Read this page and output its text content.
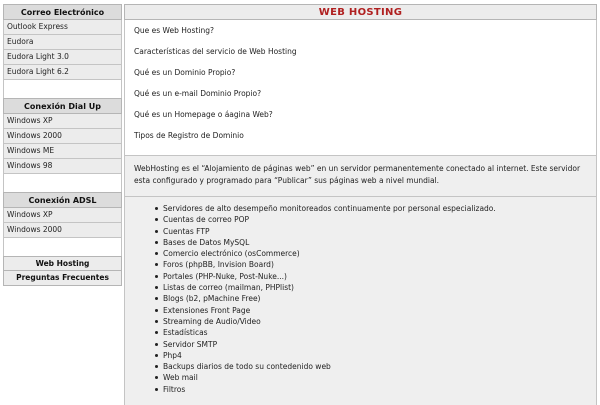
Correo Electrónico
Outlook Express
Eudora
Eudora Light 3.0
Eudora Light 6.2
Conexión Dial Up
Windows XP
Windows 2000
Windows ME
Windows 98
Conexión ADSL
Windows XP
Windows 2000
Web Hosting
Preguntas Frecuentes
WEB HOSTING
Que es Web Hosting?
Características del servicio de Web Hosting
Qué es un Dominio Propio?
Qué es un e-mail Dominio Propio?
Qué es un Homepage o áagina Web?
Tipos de Registro de Dominio
WebHosting es el “Alojamiento de páginas web” en un servidor permanentemente conectado al internet. Este servidor esta configurado y programado para “Publicar” sus páginas web a nivel mundial.
Servidores de alto desempeño monitoreados continuamente por personal especializado.
Cuentas de correo POP
Cuentas FTP
Bases de Datos MySQL
Comercio electrónico (osCommerce)
Foros (phpBB, Invision Board)
Portales (PHP-Nuke, Post-Nuke...)
Listas de correo (mailman, PHPlist)
Blogs (b2, pMachine Free)
Extensiones Front Page
Streaming de Audio/Video
Estadísticas
Servidor SMTP
Php4
Backups diarios de todo su contedenido web
Web mail
Filtros
